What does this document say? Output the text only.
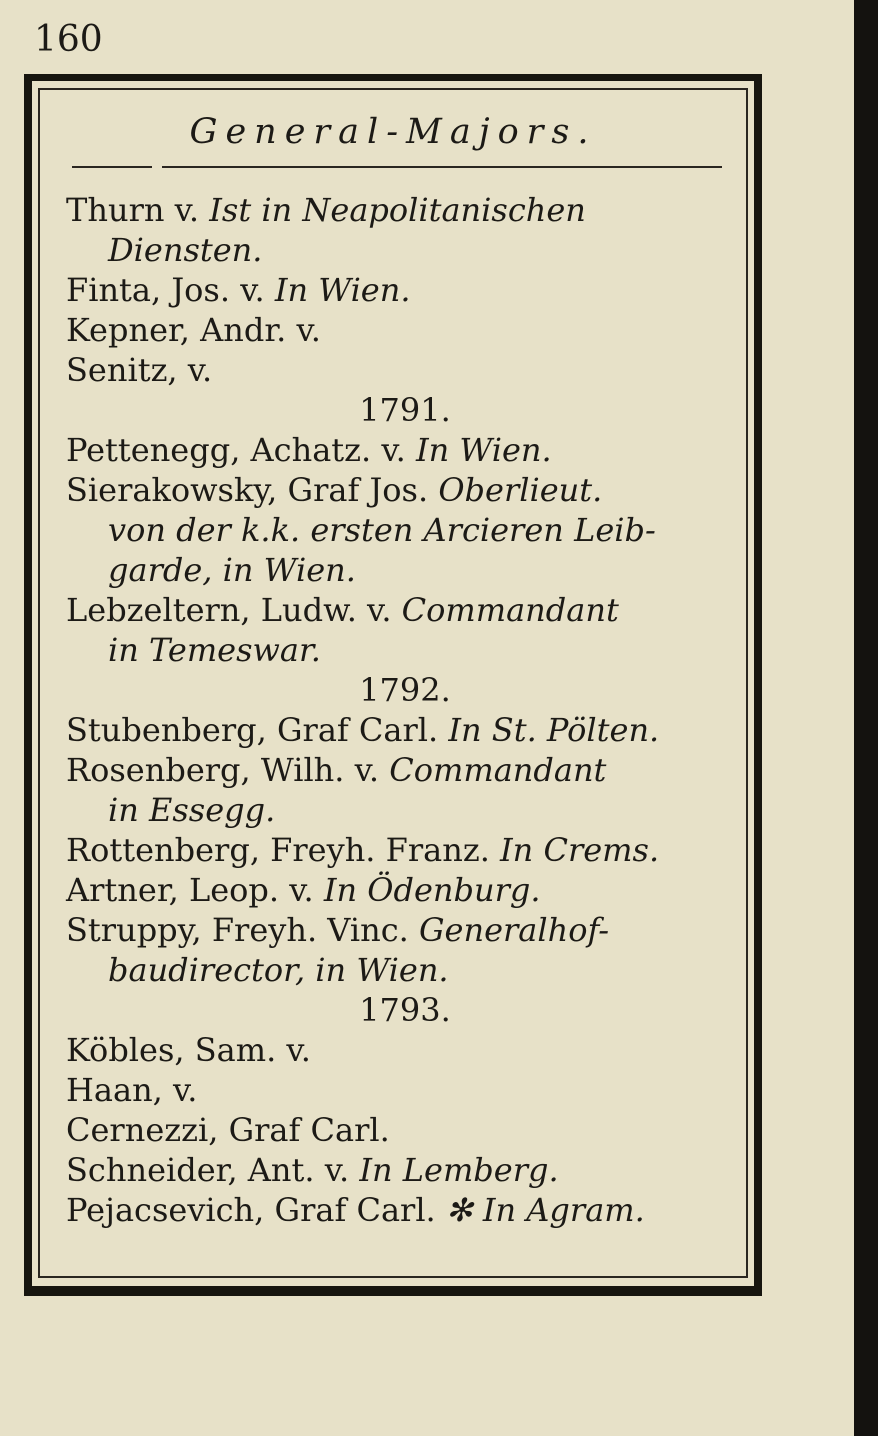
160
General-Majors.
Thurn v. Ist in Neapolitanischen
Diensten.
Finta, Jos. v. In Wien.
Kepner, Andr. v.
Senitz, v.
1791.
Pettenegg, Achatz. v. In Wien.
Sierakowsky, Graf Jos. Oberlieut.
von der k.k. ersten Arcieren Leib-
garde, in Wien.
Lebzeltern, Ludw. v. Commandant
in Temeswar.
1792.
Stubenberg, Graf Carl. In St. Pölten.
Rosenberg, Wilh. v. Commandant
in Essegg.
Rottenberg, Freyh. Franz. In Crems.
Artner, Leop. v. In Ödenburg.
Struppy, Freyh. Vinc. Generalhof-
baudirector, in Wien.
1793.
Köbles, Sam. v.
Haan, v.
Cernezzi, Graf Carl.
Schneider, Ant. v. In Lemberg.
Pejacsevich, Graf Carl. ✻ In Agram.
